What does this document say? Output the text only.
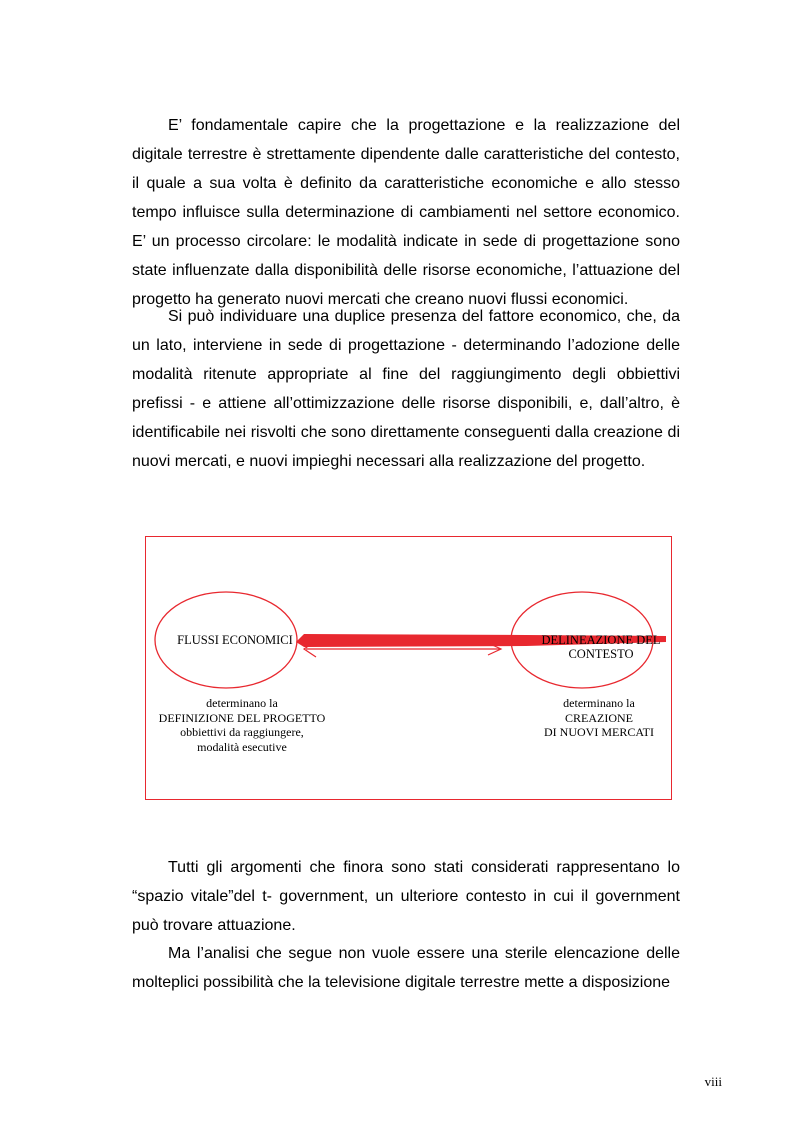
E’ fondamentale capire che la progettazione e la realizzazione del digitale terrestre è strettamente dipendente dalle caratteristiche del contesto, il quale a sua volta è definito da caratteristiche economiche e allo stesso tempo influisce sulla determinazione di cambiamenti nel settore economico. E’ un processo circolare: le modalità indicate in sede di progettazione sono state influenzate dalla disponibilità delle risorse economiche, l’attuazione del progetto ha generato nuovi mercati che creano nuovi flussi economici.

Si può individuare una duplice presenza del fattore economico, che, da un lato, interviene in sede di progettazione - determinando l’adozione delle modalità ritenute appropriate al fine del raggiungimento degli obbiettivi prefissi - e attiene all’ottimizzazione delle risorse disponibili, e, dall’altro, è identificabile nei risvolti che sono direttamente conseguenti dalla creazione di nuovi mercati, e nuovi impieghi necessari alla realizzazione del progetto.

FLUSSI ECONOMICI	DELINEAZIONE DEL
CONTESTO
determinano la
DEFINIZIONE DEL PROGETTO
obbiettivi da raggiungere,
modalità esecutive
determinano la
CREAZIONE
DI NUOVI MERCATI

Tutti gli argomenti che finora sono stati considerati rappresentano lo “spazio vitale”del t- government, un ulteriore contesto in cui il government può trovare attuazione.

Ma l’analisi che segue non vuole essere una sterile elencazione delle molteplici possibilità che la televisione digitale terrestre mette a disposizione

viii
